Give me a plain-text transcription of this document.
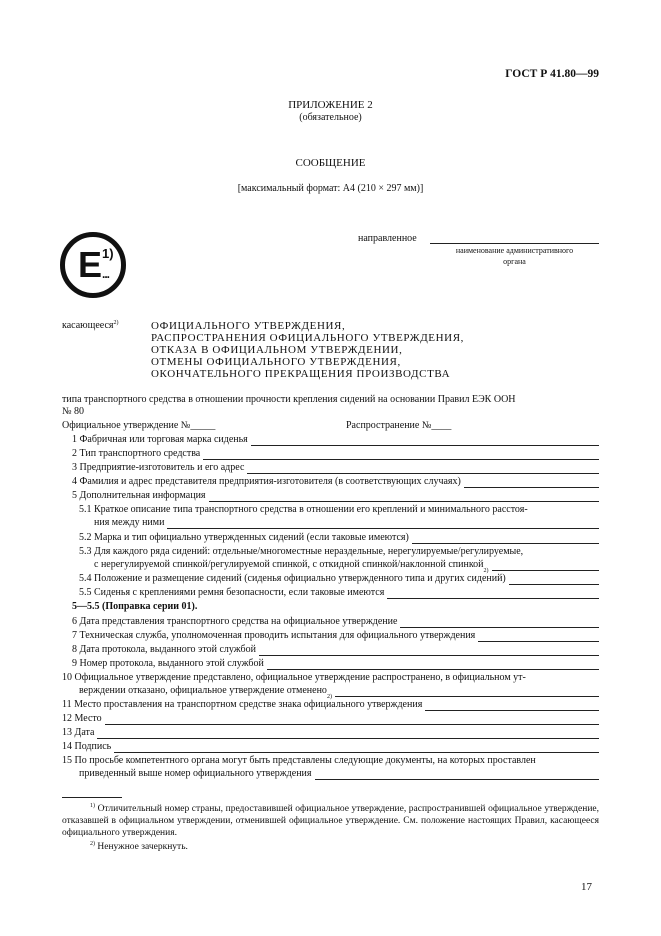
ГОСТ Р 41.80—99
ПРИЛОЖЕНИЕ 2
(обязательное)
СООБЩЕНИЕ
[максимальный формат: А4 (210 × 297 мм)]
направленное
наименование административного
органа
E 1)
...
касающееся$^{2)}$	ОФИЦИАЛЬНОГО УТВЕРЖДЕНИЯ,
РАСПРОСТРАНЕНИЯ ОФИЦИАЛЬНОГО УТВЕРЖДЕНИЯ,
ОТКАЗА В ОФИЦИАЛЬНОМ УТВЕРЖДЕНИИ,
ОТМЕНЫ ОФИЦИАЛЬНОГО УТВЕРЖДЕНИЯ,
ОКОНЧАТЕЛЬНОГО ПРЕКРАЩЕНИЯ ПРОИЗВОДСТВА
типа транспортного средства в отношении прочности крепления сидений на основании Правил ЕЭК ООН
№ 80
Официальное утверждение №_____	Распространение №____
1 Фабричная или торговая марка сиденья
2 Тип транспортного средства
3 Предприятие-изготовитель и его адрес
4 Фамилия и адрес представителя предприятия-изготовителя (в соответствующих случаях)
5 Дополнительная информация
5.1 Краткое описание типа транспортного средства в отношении его креплений и минимального расстоя-
ния между ними
5.2 Марка и тип официально утвержденных сидений (если таковые имеются)
5.3 Для каждого ряда сидений: отдельные/многоместные нераздельные, нерегулируемые/регулируемые,
с нерегулируемой спинкой/регулируемой спинкой, с откидной спинкой/наклонной спинкой
2)
5.4 Положение и размещение сидений (сиденья официально утвержденного типа и других сидений)
5.5 Сиденья с креплениями ремня безопасности, если таковые имеются
5—5.5 (Поправка серии 01).
6 Дата представления транспортного средства на официальное утверждение
7 Техническая служба, уполномоченная проводить испытания для официального утверждения
8 Дата протокола, выданного этой службой
9 Номер протокола, выданного этой службой
10 Официальное утверждение представлено, официальное утверждение распространено, в официальном ут-
верждении отказано, официальное утверждение отменено
2)
11 Место проставления на транспортном средстве знака официального утверждения
12 Место
13 Дата
14 Подпись
15 По просьбе компетентного органа могут быть представлены следующие документы, на которых проставлен
приведенный выше номер официального утверждения
$^{1)}$ Отличительный номер страны, предоставившей официальное утверждение, распространившей официальное утверждение, отказавшей в официальном утверждении, отменившей официальное утверждение. См. положение настоящих Правил, касающееся официального утверждения.
$^{2)}$ Ненужное зачеркнуть.
17
